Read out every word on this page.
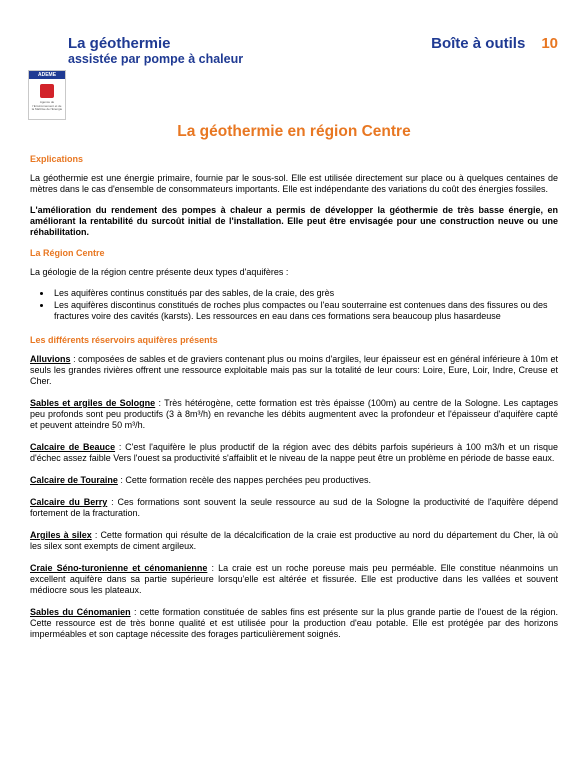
La géothermie
assistée par pompe à chaleur
Boîte à outils 10
ADEME
Agence de l'Environnement et de la Maîtrise de l'Energie
La géothermie en région Centre
Explications

La géothermie est une énergie primaire, fournie par le sous-sol. Elle est utilisée directement sur place ou à quelques centaines de mètres dans le cas d'ensemble de consommateurs importants. Elle est indépendante des variations du coût des énergies fossiles.

L'amélioration du rendement des pompes à chaleur a permis de développer la géothermie de très basse énergie, en améliorant la rentabilité du surcoût initial de l'installation. Elle peut être envisagée pour une construction neuve ou une réhabilitation.

La Région Centre

La géologie de la région centre présente deux types d'aquifères :

• Les aquifères continus constitués par des sables, de la craie, des grès
• Les aquifères discontinus constitués de roches plus compactes ou l'eau souterraine est contenues dans des fissures ou des fractures voire des cavités (karsts). Les ressources en eau dans ces formations sera beaucoup plus hasardeuse
Les différents réservoirs aquifères présents

Alluvions : composées de sables et de graviers contenant plus ou moins d'argiles, leur épaisseur est en général inférieure à 10m et seuls les grandes rivières offrent une ressource exploitable mais pas sur la totalité de leur cours: Loire, Eure, Loir, Indre, Creuse et Cher.

Sables et argiles de Sologne : Très hétérogène, cette formation est très épaisse (100m) au centre de la Sologne. Les captages peu profonds sont peu productifs (3 à 8m³/h) en revanche les débits augmentent avec la profondeur et l'épaisseur d'aquifère capté et peuvent atteindre 50 m³/h.

Calcaire de Beauce : C'est l'aquifère le plus productif de la région avec des débits parfois supérieurs à 100 m3/h et un risque d'échec assez faible Vers l'ouest sa productivité s'affaiblit et le niveau de la nappe peut être un problème en période de basse eaux.

Calcaire de Touraine : Cette formation recèle des nappes perchées peu productives.

Calcaire du Berry : Ces formations sont souvent la seule ressource au sud de la Sologne la productivité de l'aquifère dépend fortement de la fracturation.

Argiles à silex : Cette formation qui résulte de la décalcification de la craie est productive au nord du département du Cher, là où les silex sont exempts de ciment argileux.

Craie Séno-turonienne et cénomanienne : La craie est un roche poreuse mais peu perméable. Elle constitue néanmoins un excellent aquifère dans sa partie supérieure lorsqu'elle est altérée et fissurée. Elle est productive dans les vallées et souvent médiocre sous les plateaux.

Sables du Cénomanien : cette formation constituée de sables fins est présente sur la plus grande partie de l'ouest de la région. Cette ressource est de très bonne qualité et est utilisée pour la production d'eau potable. Elle est protégée par des horizons imperméables et son captage nécessite des forages particulièrement soignés.
